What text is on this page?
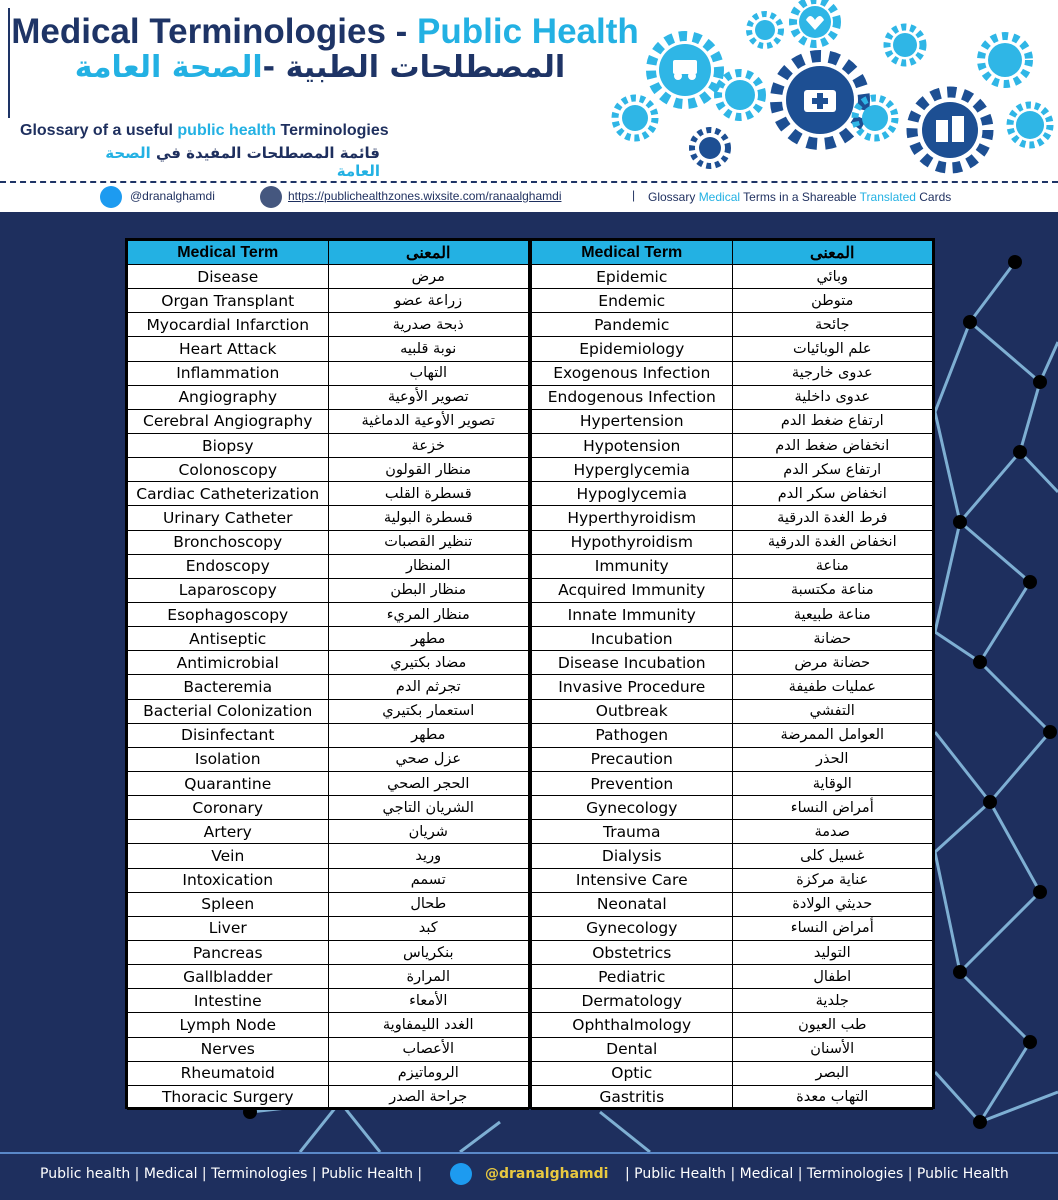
Medical Terminologies - Public Health
المصطلحات الطبية -الصحة العامة
Glossary of a useful public health Terminologies
قائمة المصطلحات المفيدة في الصحة العامة
@dranalghamdi	https://publichealthzones.wixsite.com/ranaalghamdi	| Glossary Medical Terms in a Shareable Translated Cards
Medical Term	المعنى
Disease	مرض
Organ Transplant	زراعة عضو
Myocardial Infarction	ذبحة صدرية
Heart Attack	نوبة قلبيه
Inflammation	التهاب
Angiography	تصوير الأوعية
Cerebral Angiography	تصوير الأوعية الدماغية
Biopsy	خزعة
Colonoscopy	منظار القولون
Cardiac Catheterization	قسطرة القلب
Urinary Catheter	قسطرة البولية
Bronchoscopy	تنظير القصبات
Endoscopy	المنظار
Laparoscopy	منظار البطن
Esophagoscopy	منظار المريء
Antiseptic	مطهر
Antimicrobial	مضاد بكتيري
Bacteremia	تجرثم الدم
Bacterial Colonization	استعمار بكتيري
Disinfectant	مطهر
Isolation	عزل صحي
Quarantine	الحجر الصحي
Coronary	الشريان التاجي
Artery	شريان
Vein	وريد
Intoxication	تسمم
Spleen	طحال
Liver	كبد
Pancreas	بنكرياس
Gallbladder	المرارة
Intestine	الأمعاء
Lymph Node	الغدد الليمفاوية
Nerves	الأعصاب
Rheumatoid	الروماتيزم
Thoracic Surgery	جراحة الصدر
Medical Term	المعنى
Epidemic	وبائي
Endemic	متوطن
Pandemic	جائحة
Epidemiology	علم الوبائيات
Exogenous Infection	عدوى خارجية
Endogenous Infection	عدوى داخلية
Hypertension	ارتفاع ضغط الدم
Hypotension	انخفاض ضغط الدم
Hyperglycemia	ارتفاع سكر الدم
Hypoglycemia	انخفاض سكر الدم
Hyperthyroidism	فرط الغدة الدرقية
Hypothyroidism	انخفاض الغدة الدرقية
Immunity	مناعة
Acquired Immunity	مناعة مكتسبة
Innate Immunity	مناعة طبيعية
Incubation	حضانة
Disease Incubation	حضانة مرض
Invasive Procedure	عمليات طفيفة
Outbreak	التفشي
Pathogen	العوامل الممرضة
Precaution	الحذر
Prevention	الوقاية
Gynecology	أمراض النساء
Trauma	صدمة
Dialysis	غسيل كلى
Intensive Care	عناية مركزة
Neonatal	حديثي الولادة
Gynecology	أمراض النساء
Obstetrics	التوليد
Pediatric	اطفال
Dermatology	جلدية
Ophthalmology	طب العيون
Dental	الأسنان
Optic	البصر
Gastritis	التهاب معدة
Public health | Medical | Terminologies | Public Health |	@dranalghamdi | Public Health | Medical | Terminologies | Public Health
